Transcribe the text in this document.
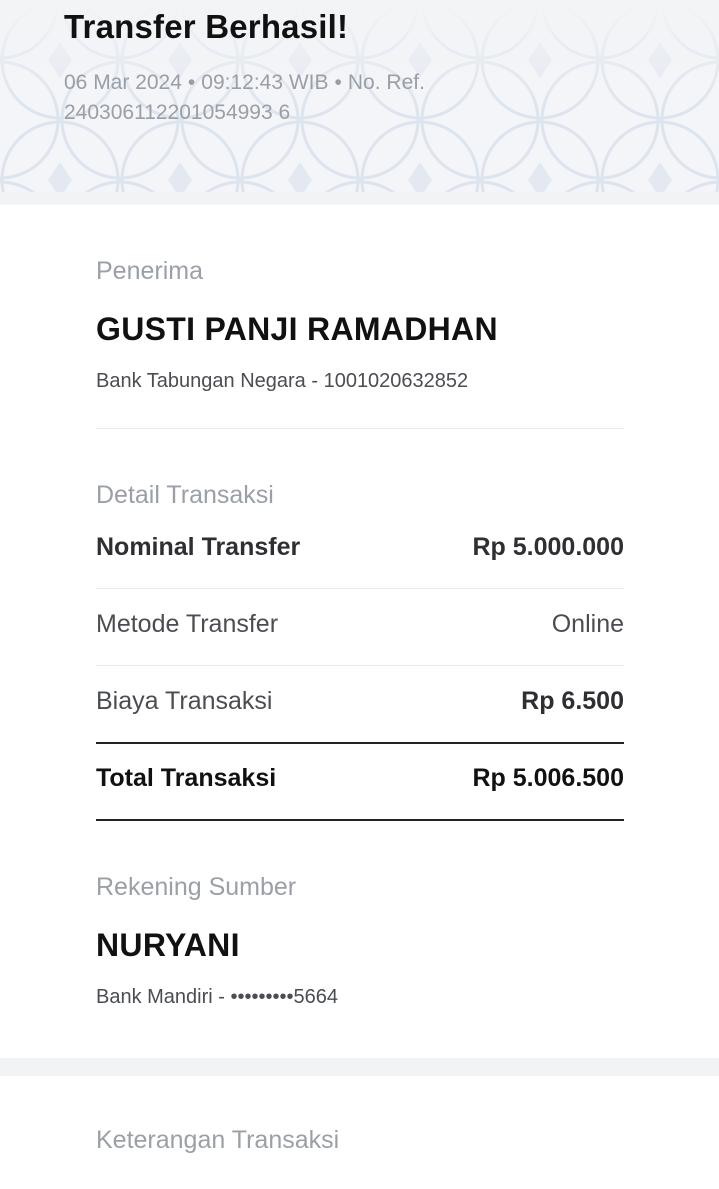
Transfer Berhasil!
06 Mar 2024 • 09:12:43 WIB • No. Ref.
240306112201054993 6
Penerima
GUSTI PANJI RAMADHAN
Bank Tabungan Negara - 1001020632852
Detail Transaksi
Nominal Transfer	Rp 5.000.000
Metode Transfer	Online
Biaya Transaksi	Rp 6.500
Total Transaksi	Rp 5.006.500
Rekening Sumber
NURYANI
Bank Mandiri - •••••••••5664
Keterangan Transaksi
